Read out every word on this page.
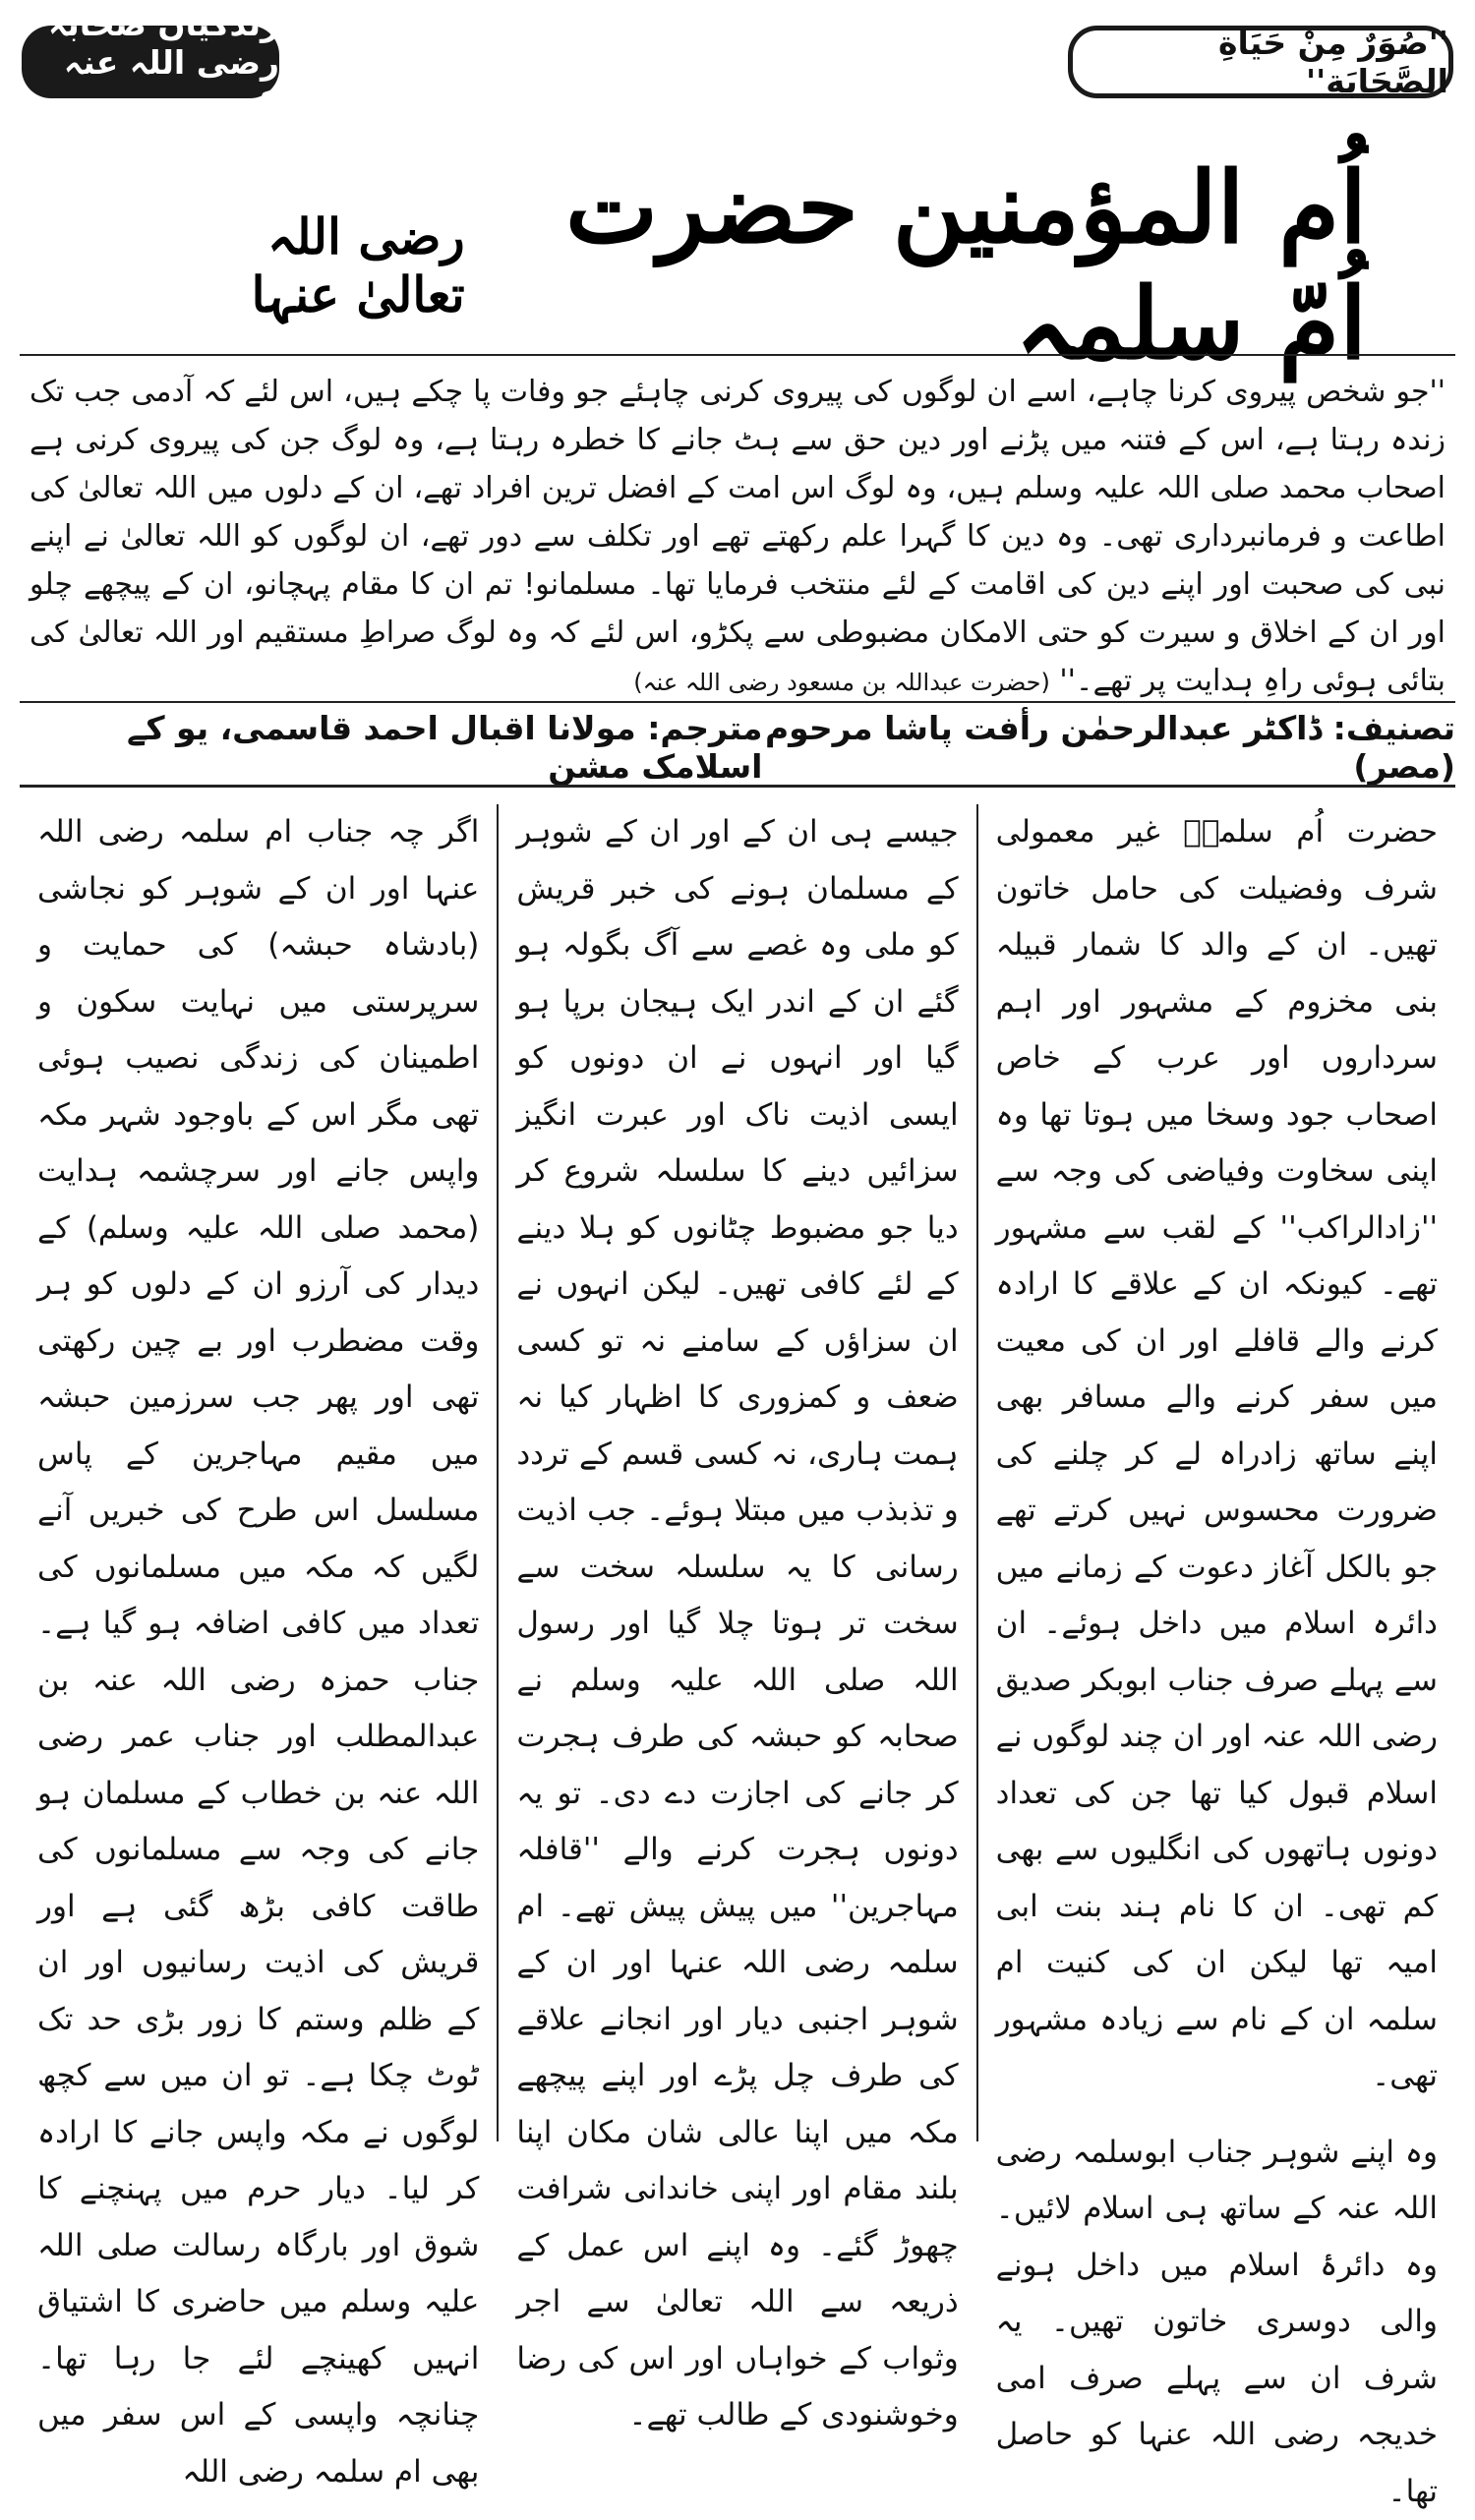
''صُوَرٌ مِنْ حَيَاةِ الصَّحَابَة''
زندگیاں صحابہ رضی اللہ عنہ کی
اُم المؤمنین حضرت اُمّ سلمہ
رضی اللہ تعالیٰ عنہا

''جو شخص پیروی کرنا چاہے، اسے ان لوگوں کی پیروی کرنی چاہئے جو وفات پا چکے ہیں، اس لئے کہ آدمی جب تک زندہ رہتا ہے، اس کے فتنہ میں پڑنے اور دین حق سے ہٹ جانے کا خطرہ رہتا ہے، وہ لوگ جن کی پیروی کرنی ہے اصحاب محمد صلی اللہ علیہ وسلم ہیں، وہ لوگ اس امت کے افضل ترین افراد تھے، ان کے دلوں میں اللہ تعالیٰ کی اطاعت و فرمانبرداری تھی۔ وہ دین کا گہرا علم رکھتے تھے اور تکلف سے دور تھے، ان لوگوں کو اللہ تعالیٰ نے اپنے نبی کی صحبت اور اپنے دین کی اقامت کے لئے منتخب فرمایا تھا۔ مسلمانو! تم ان کا مقام پہچانو، ان کے پیچھے چلو اور ان کے اخلاق و سیرت کو حتی الامکان مضبوطی سے پکڑو، اس لئے کہ وہ لوگ صراطِ مستقیم اور اللہ تعالیٰ کی بتائی ہوئی راہِ ہدایت پر تھے۔'' (حضرت عبداللہ بن مسعود رضی اللہ عنہ)

تصنیف: ڈاکٹر عبدالرحمٰن رأفت پاشا مرحوم (مصر)
مترجم: مولانا اقبال احمد قاسمی، یو کے اسلامک مشن

حضرت اُم سلمہؓ غیر معمولی شرف وفضیلت کی حامل خاتون تھیں۔ ان کے والد کا شمار قبیلہ بنی مخزوم کے مشہور اور اہم سرداروں اور عرب کے خاص اصحاب جود وسخا میں ہوتا تھا وہ اپنی سخاوت وفیاضی کی وجہ سے ''زادالراکب'' کے لقب سے مشہور تھے۔ کیونکہ ان کے علاقے کا ارادہ کرنے والے قافلے اور ان کی معیت میں سفر کرنے والے مسافر بھی اپنے ساتھ زادراہ لے کر چلنے کی ضرورت محسوس نہیں کرتے تھے جو بالکل آغاز دعوت کے زمانے میں دائرہ اسلام میں داخل ہوئے۔ ان سے پہلے صرف جناب ابوبکر صدیق رضی اللہ عنہ اور ان چند لوگوں نے اسلام قبول کیا تھا جن کی تعداد دونوں ہاتھوں کی انگلیوں سے بھی کم تھی۔ ان کا نام ہند بنت ابی امیہ تھا لیکن ان کی کنیت ام سلمہ ان کے نام سے زیادہ مشہور تھی۔

وہ اپنے شوہر جناب ابوسلمہ رضی اللہ عنہ کے ساتھ ہی اسلام لائیں۔ وہ دائرۂ اسلام میں داخل ہونے والی دوسری خاتون تھیں۔ یہ شرف ان سے پہلے صرف امی خدیجہ رضی اللہ عنہا کو حاصل تھا۔

جیسے ہی ان کے اور ان کے شوہر کے مسلمان ہونے کی خبر قریش کو ملی وہ غصے سے آگ بگولہ ہو گئے ان کے اندر ایک ہیجان برپا ہو گیا اور انہوں نے ان دونوں کو ایسی اذیت ناک اور عبرت انگیز سزائیں دینے کا سلسلہ شروع کر دیا جو مضبوط چٹانوں کو ہلا دینے کے لئے کافی تھیں۔ لیکن انہوں نے ان سزاؤں کے سامنے نہ تو کسی ضعف و کمزوری کا اظہار کیا نہ ہمت ہاری، نہ کسی قسم کے تردد و تذبذب میں مبتلا ہوئے۔ جب اذیت رسانی کا یہ سلسلہ سخت سے سخت تر ہوتا چلا گیا اور رسول اللہ صلی اللہ علیہ وسلم نے صحابہ کو حبشہ کی طرف ہجرت کر جانے کی اجازت دے دی۔ تو یہ دونوں ہجرت کرنے والے ''قافلہ مہاجرین'' میں پیش پیش تھے۔ ام سلمہ رضی اللہ عنہا اور ان کے شوہر اجنبی دیار اور انجانے علاقے کی طرف چل پڑے اور اپنے پیچھے مکہ میں اپنا عالی شان مکان اپنا بلند مقام اور اپنی خاندانی شرافت چھوڑ گئے۔ وہ اپنے اس عمل کے ذریعہ سے اللہ تعالیٰ سے اجر وثواب کے خواہاں اور اس کی رضا وخوشنودی کے طالب تھے۔

اگر چہ جناب ام سلمہ رضی اللہ عنہا اور ان کے شوہر کو نجاشی (بادشاہ حبشہ) کی حمایت و سرپرستی میں نہایت سکون و اطمینان کی زندگی نصیب ہوئی تھی مگر اس کے باوجود شہر مکہ واپس جانے اور سرچشمہ ہدایت (محمد صلی اللہ علیہ وسلم) کے دیدار کی آرزو ان کے دلوں کو ہر وقت مضطرب اور بے چین رکھتی تھی اور پھر جب سرزمین حبشہ میں مقیم مہاجرین کے پاس مسلسل اس طرح کی خبریں آنے لگیں کہ مکہ میں مسلمانوں کی تعداد میں کافی اضافہ ہو گیا ہے۔ جناب حمزہ رضی اللہ عنہ بن عبدالمطلب اور جناب عمر رضی اللہ عنہ بن خطاب کے مسلمان ہو جانے کی وجہ سے مسلمانوں کی طاقت کافی بڑھ گئی ہے اور قریش کی اذیت رسانیوں اور ان کے ظلم وستم کا زور بڑی حد تک ٹوٹ چکا ہے۔ تو ان میں سے کچھ لوگوں نے مکہ واپس جانے کا ارادہ کر لیا۔ دیار حرم میں پہنچنے کا شوق اور بارگاہ رسالت صلی اللہ علیہ وسلم میں حاضری کا اشتیاق انہیں کھینچے لئے جا رہا تھا۔ چنانچہ واپسی کے اس سفر میں بھی ام سلمہ رضی اللہ
